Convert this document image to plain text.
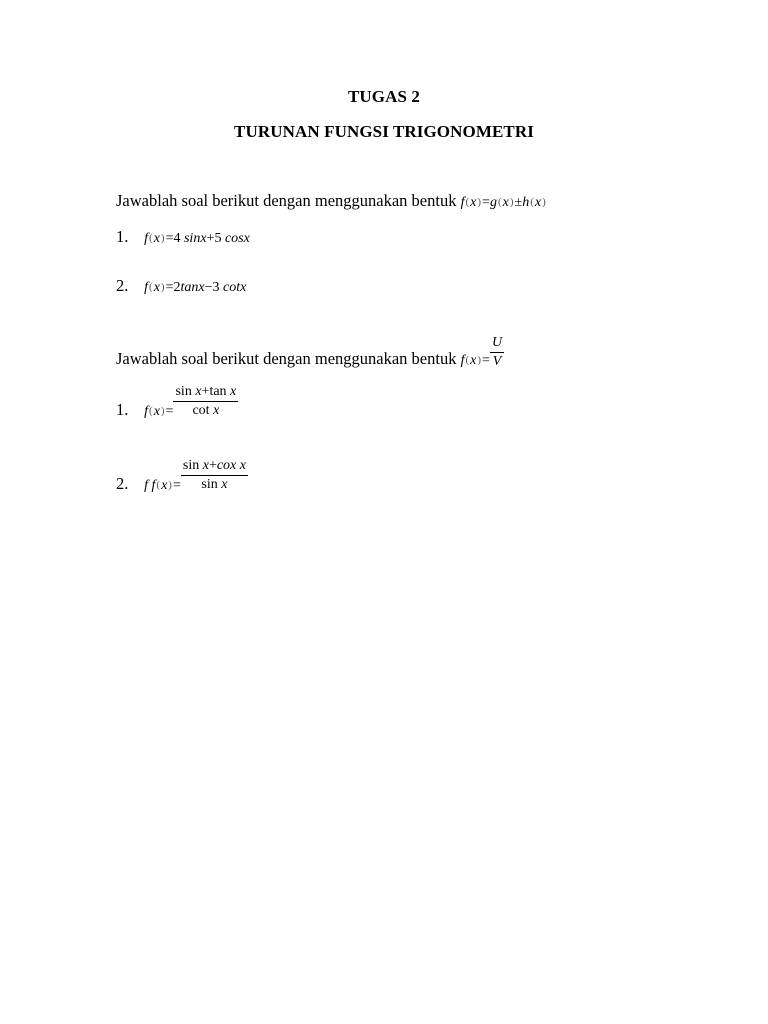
TUGAS 2
TURUNAN FUNGSI TRIGONOMETRI
Jawablah soal berikut dengan menggunakan bentuk f(x)=g(x)±h(x)
1. f(x)=4 sinx+5 cosx
2. f(x)=2tanx−3 cotx
Jawablah soal berikut dengan menggunakan bentuk $_{f(x)=} \frac{U}{V}$
1. $_{f(x)=} \frac{\text{sin x+tan x}}{\text{cot x}}$
2. $_{f f(x)=} \frac{\text{sin x+cox x}}{\text{sin x}}$
